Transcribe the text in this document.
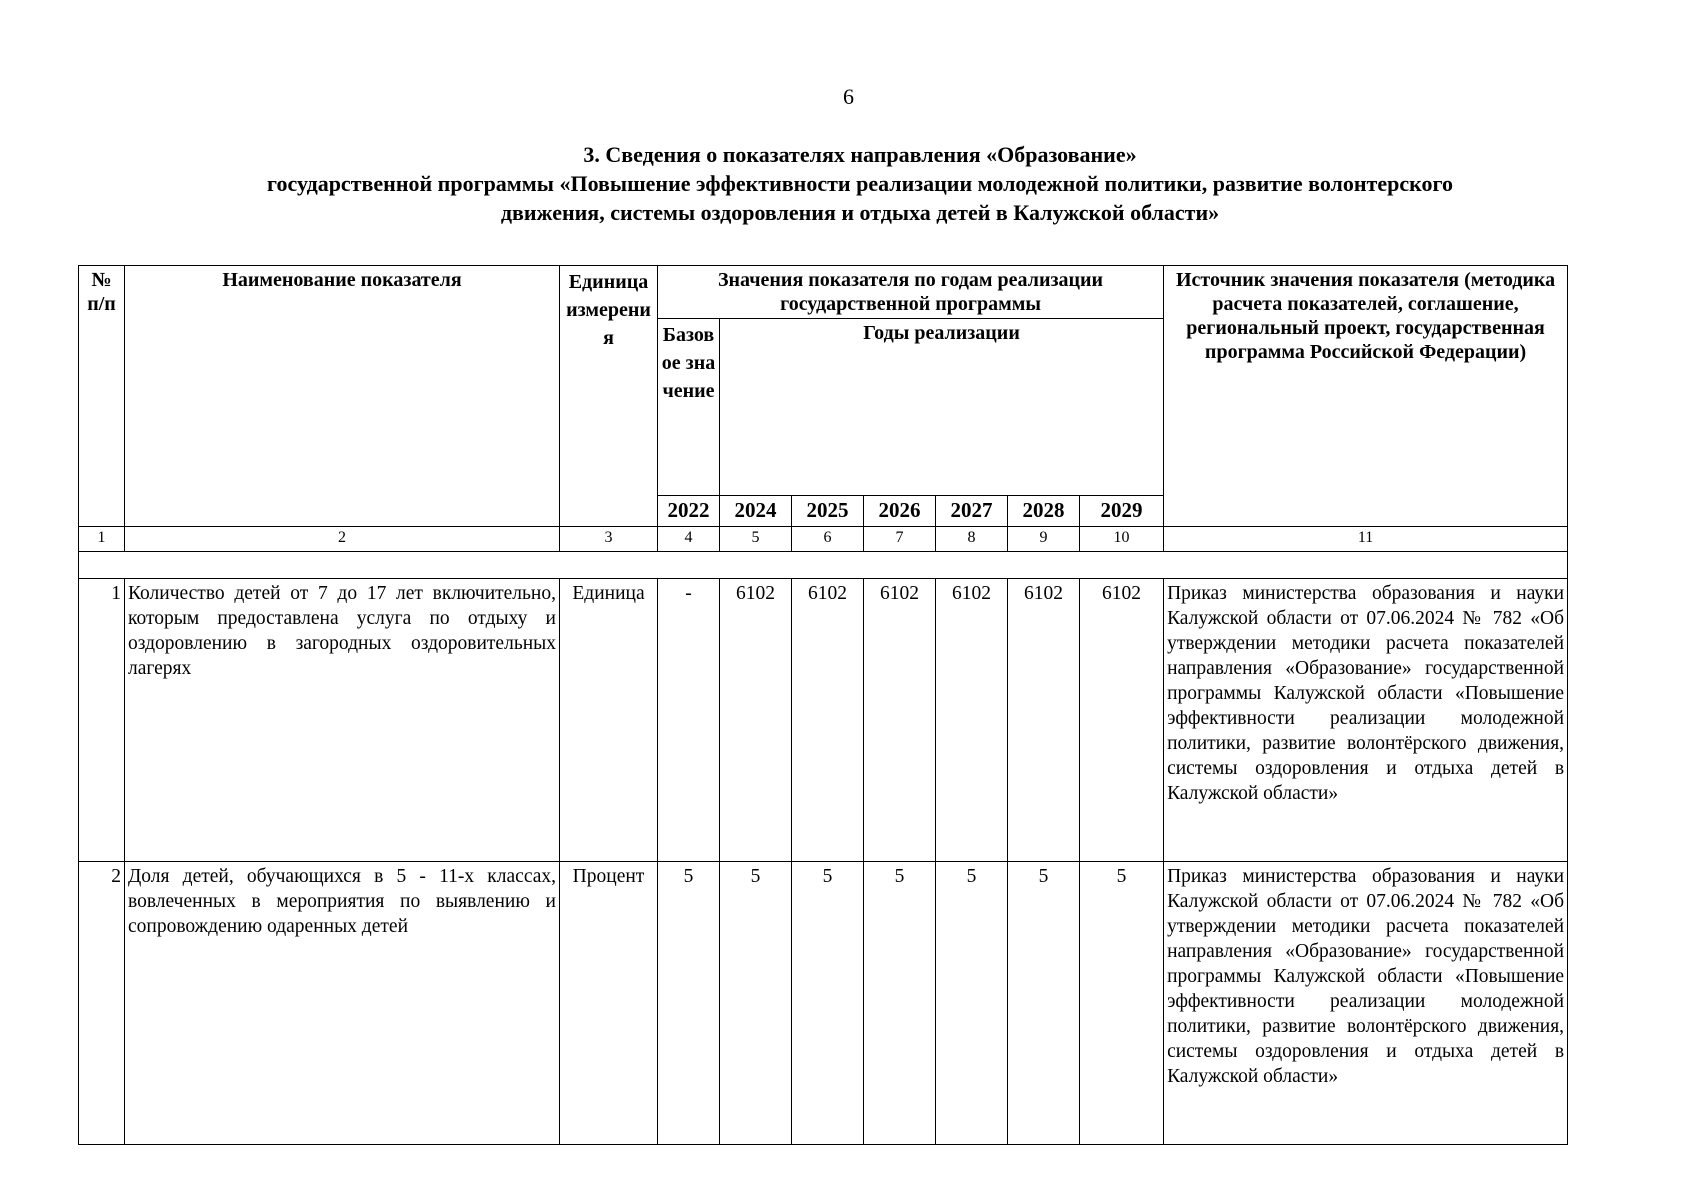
6
3. Сведения о показателях направления «Образование»
государственной программы «Повышение эффективности реализации молодежной политики, развитие волонтерского
движения, системы оздоровления и отдыха детей в Калужской области»
№ п/п	Наименование показателя	Единица измерения	Значения показателя по годам реализации государственной программы							Источник значения показателя (методика расчета показателей, соглашение, региональный проект, государственная программа Российской Федерации)
			Базовое значение	Годы реализации						
			2022	2024	2025	2026	2027	2028	2029	
1	2	3	4	5	6	7	8	9	10	11

1	Количество детей от 7 до 17 лет включительно, которым предоставлена услуга по отдыху и оздоровлению в загородных оздоровительных лагерях	Единица	-	6102	6102	6102	6102	6102	6102	Приказ министерства образования и науки Калужской области от 07.06.2024 № 782 «Об утверждении методики расчета показателей направления «Образование» государственной программы Калужской области «Повышение эффективности реализации молодежной политики, развитие волонтёрского движения, системы оздоровления и отдыха детей в Калужской области»
2	Доля детей, обучающихся в 5 - 11-х классах, вовлеченных в мероприятия по выявлению и сопровождению одаренных детей	Процент	5	5	5	5	5	5	5	Приказ министерства образования и науки Калужской области от 07.06.2024 № 782 «Об утверждении методики расчета показателей направления «Образование» государственной программы Калужской области «Повышение эффективности реализации молодежной политики, развитие волонтёрского движения, системы оздоровления и отдыха детей в Калужской области»
